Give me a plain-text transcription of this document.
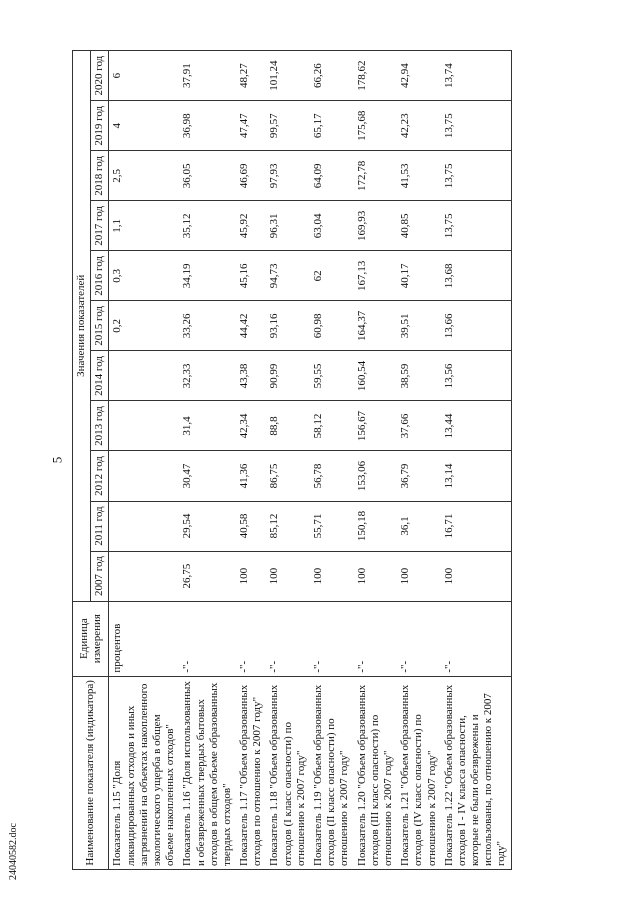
5
Наименование показателя (индикатора)	Единица измерения	Значения показателей										
		2007 год	2011 год	2012 год	2013 год	2014 год	2015 год	2016 год	2017 год	2018 год	2019 год	2020 год
Показатель 1.15 "Доля ликвидированных отходов и иных загрязнений на объектах накопленного экологического ущерба в общем объеме накопленных отходов"	процентов						0,2	0,3	1,1	2,5	4	6
Показатель 1.16 "Доля использованных и обезвреженных твердых бытовых отходов в общем объеме образованных твердых отходов"	-"-	26,75	29,54	30,47	31,4	32,33	33,26	34,19	35,12	36,05	36,98	37,91
Показатель 1.17 "Объем образованных отходов по отношению к 2007 году"	-"-	100	40,58	41,36	42,34	43,38	44,42	45,16	45,92	46,69	47,47	48,27
Показатель 1.18 "Объем образованных отходов (I класс опасности) по отношению к 2007 году"	-"-	100	85,12	86,75	88,8	90,99	93,16	94,73	96,31	97,93	99,57	101,24
Показатель 1.19 "Объем образованных отходов (II класс опасности) по отношению к 2007 году"	-"-	100	55,71	56,78	58,12	59,55	60,98	62	63,04	64,09	65,17	66,26
Показатель 1.20 "Объем образованных отходов (III класс опасности) по отношению к 2007 году"	-"-	100	150,18	153,06	156,67	160,54	164,37	167,13	169,93	172,78	175,68	178,62
Показатель 1.21 "Объем образованных отходов (IV класс опасности) по отношению к 2007 году"	-"-	100	36,1	36,79	37,66	38,59	39,51	40,17	40,85	41,53	42,23	42,94
Показатель 1.22 "Объем образованных отходов I - IV класса опасности, которые не были обезврежены и использованы, по отношению к 2007 году"	-"-	100	16,71	13,14	13,44	13,56	13,66	13,68	13,75	13,75	13,75	13,74
24040582.doc
